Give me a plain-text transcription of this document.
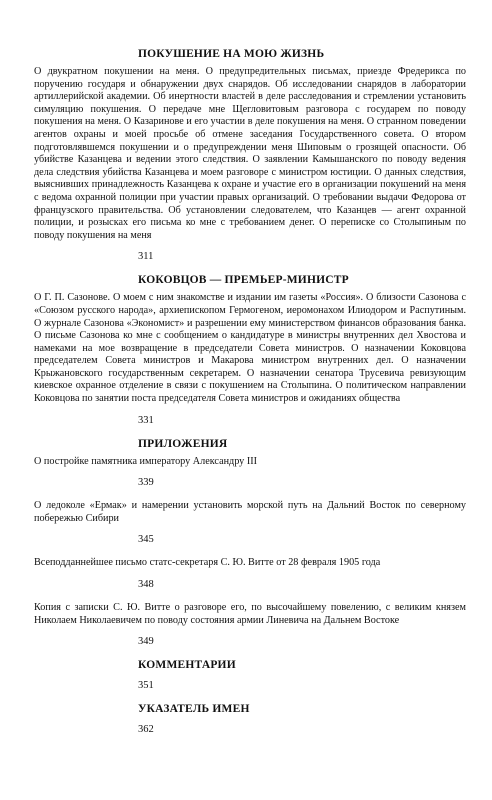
ПОКУШЕНИЕ НА МОЮ ЖИЗНЬ

О двукратном покушении на меня. О предупредительных письмах, приезде Фредерикса по поручению государя и обнаружении двух снарядов. Об исследовании снарядов в лаборатории артиллерийской академии. Об инертности властей в деле расследования и стремлении установить симуляцию покушения. О передаче мне Щегловитовым разговора с государем по поводу покушения на меня. О Казаринове и его участии в деле покушения на меня. О странном поведении агентов охраны и моей просьбе об отмене заседания Государственного совета. О втором подготовлявшемся покушении и о предупреждении меня Шиповым о грозящей опасности. Об убийстве Казанцева и ведении этого следствия. О заявлении Камышанского по поводу ведения дела следствия убийства Казанцева и моем разговоре с министром юстиции. О данных следствия, выяснивших принадлежность Казанцева к охране и участие его в организации покушений на меня с ведома охранной полиции при участии правых организаций. О требовании выдачи Федорова от французского правительства. Об установлении следователем, что Казанцев — агент охранной полиции, и розысках его письма ко мне с требованием денег. О переписке со Столыпиным по поводу покушения на меня

311
КОКОВЦОВ — ПРЕМЬЕР-МИНИСТР

О Г. П. Сазонове. О моем с ним знакомстве и издании им газеты «Россия». О близости Сазонова с «Союзом русского народа», архиепископом Гермогеном, иеромонахом Илиодором и Распутиным. О журнале Сазонова «Экономист» и разрешении ему министерством финансов образования банка. О письме Сазонова ко мне с сообщением о кандидатуре в министры внутренних дел Хвостова и намеками на мое возвращение в председатели Совета министров. О назначении Коковцова председателем Совета министров и Макарова министром внутренних дел. О назначении Крыжановского государственным секретарем. О назначении сенатора Трусевича ревизующим киевское охранное отделение в связи с покушением на Столыпина. О политическом направлении Коковцова по занятии поста председателя Совета министров и ожиданиях общества

331
ПРИЛОЖЕНИЯ

О постройке памятника императору Александру III

339

О ледоколе «Ермак» и намерении установить морской путь на Дальний Восток по северному побережью Сибири

345

Всеподданнейшее письмо статс-секретаря С. Ю. Витте от 28 февраля 1905 года

348

Копия с записки С. Ю. Витте о разговоре его, по высочайшему повелению, с великим князем Николаем Николаевичем по поводу состояния армии Линевича на Дальнем Востоке

349
КОММЕНТАРИИ
351
УКАЗАТЕЛЬ ИМЕН
362
